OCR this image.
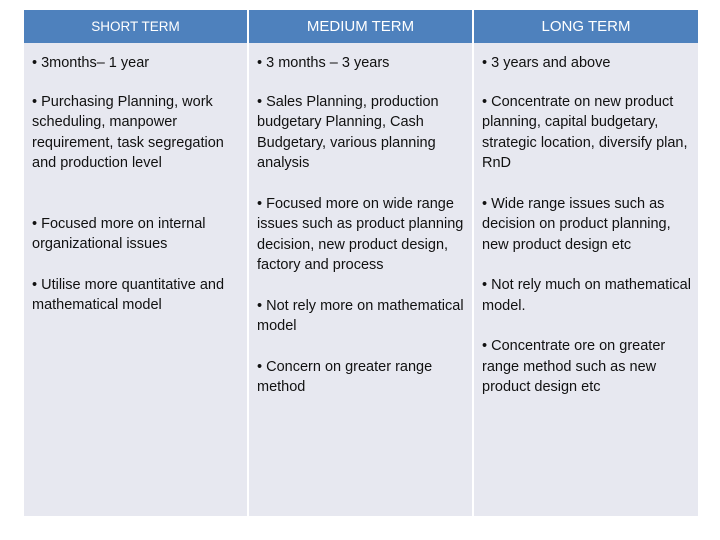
SHORT TERM	MEDIUM TERM	LONG TERM

• 3months– 1 year

• Purchasing Planning, work scheduling, manpower requirement, task segregation and production level

• Focused more on internal organizational issues

• Utilise more quantitative and mathematical model

• 3 months – 3 years

• Sales Planning, production budgetary Planning, Cash Budgetary, various planning analysis

• Focused more on wide range issues such as product planning decision, new product design, factory and process

• Not rely more on mathematical model

• Concern on greater range method

• 3 years and above

• Concentrate on new product planning, capital budgetary, strategic location, diversify plan, RnD

• Wide range issues such as decision on product planning, new product design etc

• Not rely much on mathematical model.

• Concentrate ore on greater range method such as new product design etc
